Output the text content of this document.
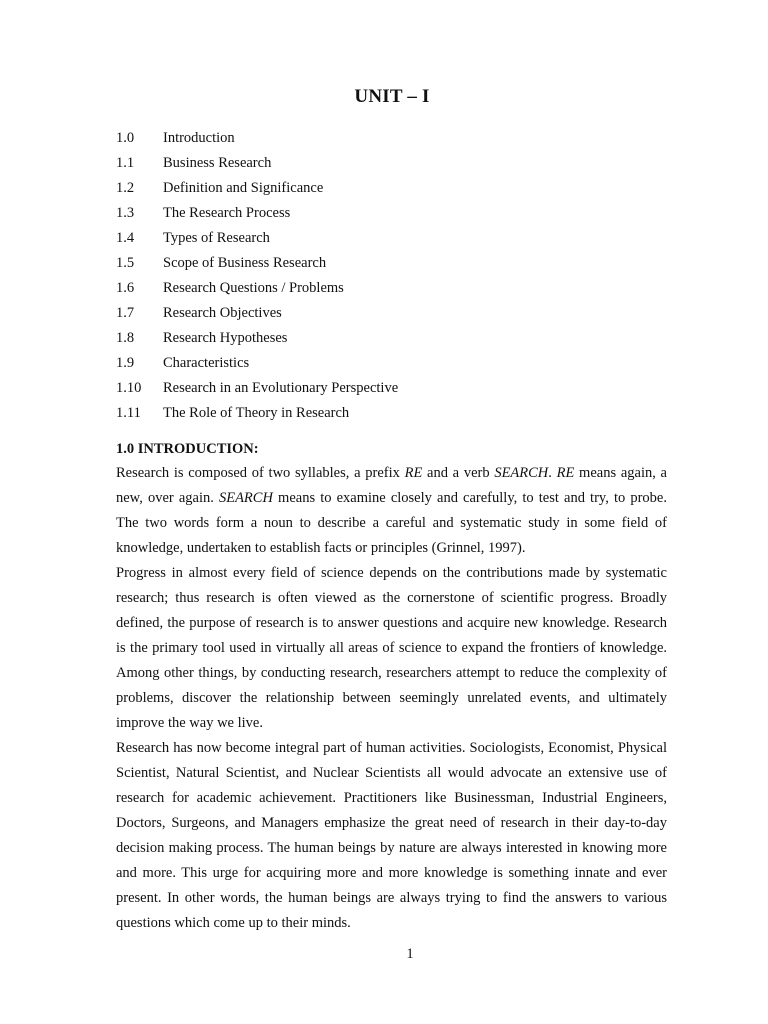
UNIT – I
1.0 Introduction
1.1 Business Research
1.2 Definition and Significance
1.3 The Research Process
1.4 Types of Research
1.5 Scope of Business Research
1.6 Research Questions / Problems
1.7 Research Objectives
1.8 Research Hypotheses
1.9 Characteristics
1.10 Research in an Evolutionary Perspective
1.11 The Role of Theory in Research
1.0 INTRODUCTION:

Research is composed of two syllables, a prefix RE and a verb SEARCH. RE means again, a new, over again. SEARCH means to examine closely and carefully, to test and try, to probe. The two words form a noun to describe a careful and systematic study in some field of knowledge, undertaken to establish facts or principles (Grinnel, 1997).

Progress in almost every field of science depends on the contributions made by systematic research; thus research is often viewed as the cornerstone of scientific progress. Broadly defined, the purpose of research is to answer questions and acquire new knowledge. Research is the primary tool used in virtually all areas of science to expand the frontiers of knowledge. Among other things, by conducting research, researchers attempt to reduce the complexity of problems, discover the relationship between seemingly unrelated events, and ultimately improve the way we live.

Research has now become integral part of human activities. Sociologists, Economist, Physical Scientist, Natural Scientist, and Nuclear Scientists all would advocate an extensive use of research for academic achievement. Practitioners like Businessman, Industrial Engineers, Doctors, Surgeons, and Managers emphasize the great need of research in their day-to-day decision making process. The human beings by nature are always interested in knowing more and more. This urge for acquiring more and more knowledge is something innate and ever present. In other words, the human beings are always trying to find the answers to various questions which come up to their minds.

1
